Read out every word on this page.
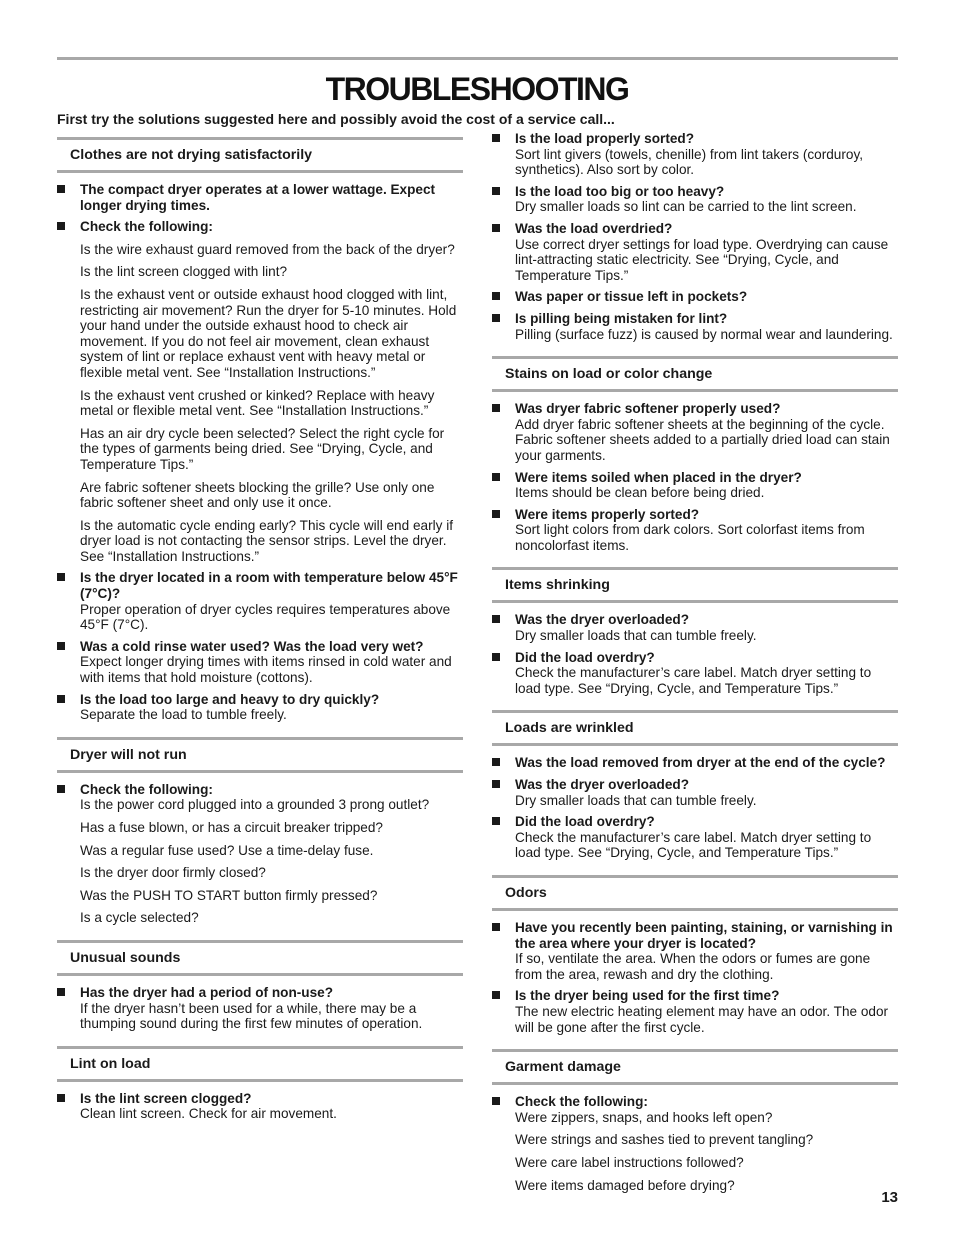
TROUBLESHOOTING
First try the solutions suggested here and possibly avoid the cost of a service call...
Clothes are not drying satisfactorily
The compact dryer operates at a lower wattage. Expect longer drying times.
Check the following:
Is the wire exhaust guard removed from the back of the dryer?
Is the lint screen clogged with lint?
Is the exhaust vent or outside exhaust hood clogged with lint, restricting air movement? Run the dryer for 5-10 minutes. Hold your hand under the outside exhaust hood to check air movement. If you do not feel air movement, clean exhaust system of lint or replace exhaust vent with heavy metal or flexible metal vent. See “Installation Instructions.”
Is the exhaust vent crushed or kinked? Replace with heavy metal or flexible metal vent. See “Installation Instructions.”
Has an air dry cycle been selected? Select the right cycle for the types of garments being dried. See “Drying, Cycle, and Temperature Tips.”
Are fabric softener sheets blocking the grille? Use only one fabric softener sheet and only use it once.
Is the automatic cycle ending early? This cycle will end early if dryer load is not contacting the sensor strips. Level the dryer. See “Installation Instructions.”
Is the dryer located in a room with temperature below 45°F (7°C)?
Proper operation of dryer cycles requires temperatures above 45°F (7°C).
Was a cold rinse water used? Was the load very wet?
Expect longer drying times with items rinsed in cold water and with items that hold moisture (cottons).
Is the load too large and heavy to dry quickly?
Separate the load to tumble freely.
Dryer will not run
Check the following:
Is the power cord plugged into a grounded 3 prong outlet?
Has a fuse blown, or has a circuit breaker tripped?
Was a regular fuse used? Use a time-delay fuse.
Is the dryer door firmly closed?
Was the PUSH TO START button firmly pressed?
Is a cycle selected?
Unusual sounds
Has the dryer had a period of non-use?
If the dryer hasn’t been used for a while, there may be a thumping sound during the first few minutes of operation.
Lint on load
Is the lint screen clogged?
Clean lint screen. Check for air movement.
Is the load properly sorted?
Sort lint givers (towels, chenille) from lint takers (corduroy, synthetics). Also sort by color.
Is the load too big or too heavy?
Dry smaller loads so lint can be carried to the lint screen.
Was the load overdried?
Use correct dryer settings for load type. Overdrying can cause lint-attracting static electricity. See “Drying, Cycle, and Temperature Tips.”
Was paper or tissue left in pockets?
Is pilling being mistaken for lint?
Pilling (surface fuzz) is caused by normal wear and laundering.
Stains on load or color change
Was dryer fabric softener properly used?
Add dryer fabric softener sheets at the beginning of the cycle. Fabric softener sheets added to a partially dried load can stain your garments.
Were items soiled when placed in the dryer?
Items should be clean before being dried.
Were items properly sorted?
Sort light colors from dark colors. Sort colorfast items from noncolorfast items.
Items shrinking
Was the dryer overloaded?
Dry smaller loads that can tumble freely.
Did the load overdry?
Check the manufacturer’s care label. Match dryer setting to load type. See “Drying, Cycle, and Temperature Tips.”
Loads are wrinkled
Was the load removed from dryer at the end of the cycle?
Was the dryer overloaded?
Dry smaller loads that can tumble freely.
Did the load overdry?
Check the manufacturer’s care label. Match dryer setting to load type. See “Drying, Cycle, and Temperature Tips.”
Odors
Have you recently been painting, staining, or varnishing in the area where your dryer is located?
If so, ventilate the area. When the odors or fumes are gone from the area, rewash and dry the clothing.
Is the dryer being used for the first time?
The new electric heating element may have an odor. The odor will be gone after the first cycle.
Garment damage
Check the following:
Were zippers, snaps, and hooks left open?
Were strings and sashes tied to prevent tangling?
Were care label instructions followed?
Were items damaged before drying?
13
